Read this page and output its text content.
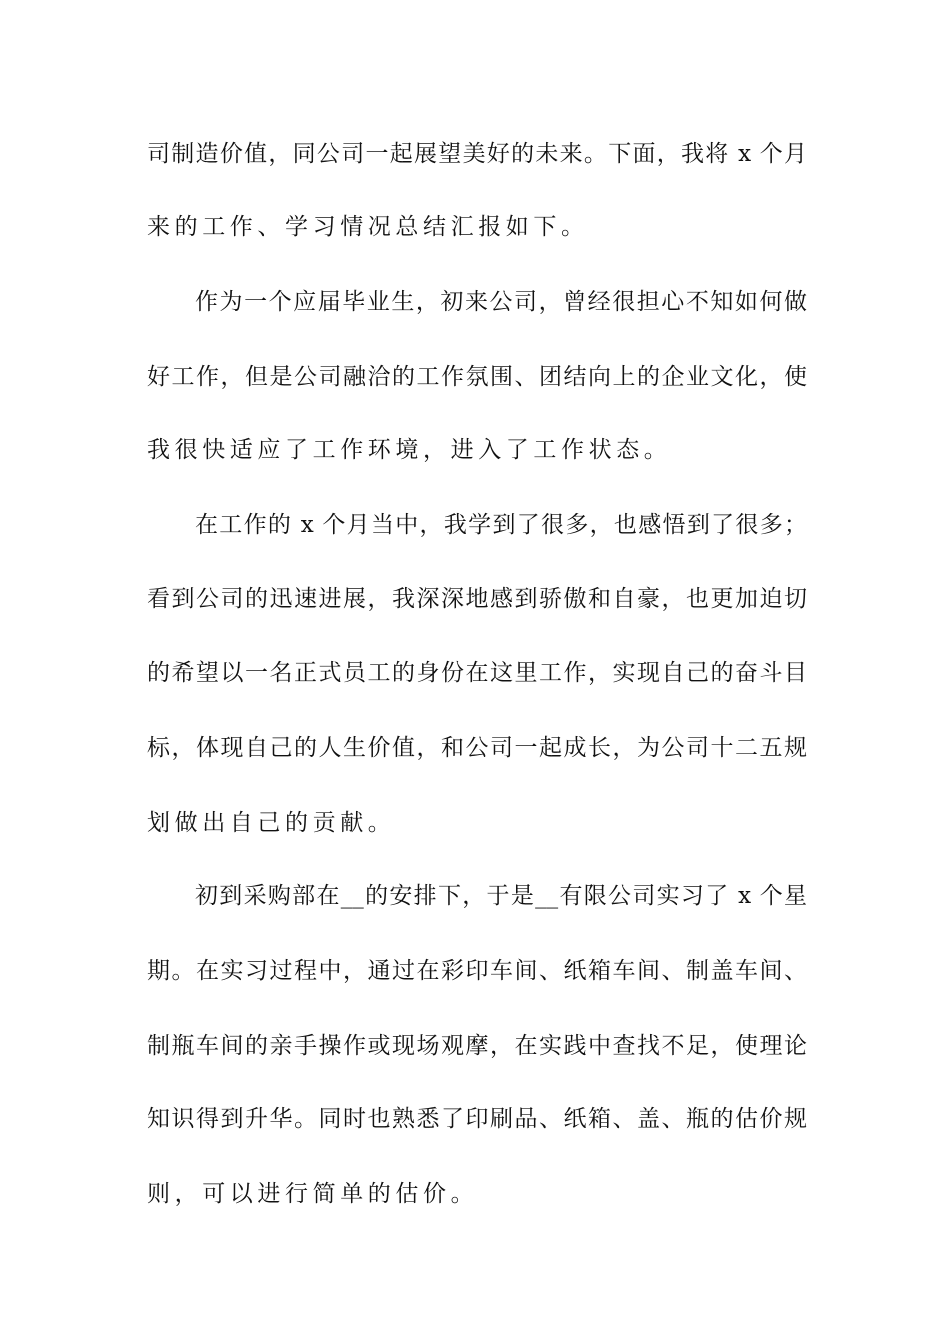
司制造价值，同公司一起展望美好的未来。下面，我将 x 个月
来的工作、学习情况总结汇报如下。
作为一个应届毕业生，初来公司，曾经很担心不知如何做
好工作，但是公司融洽的工作氛围、团结向上的企业文化，使
我很快适应了工作环境，进入了工作状态。
在工作的 x 个月当中，我学到了很多，也感悟到了很多；
看到公司的迅速进展，我深深地感到骄傲和自豪，也更加迫切
的希望以一名正式员工的身份在这里工作，实现自己的奋斗目
标，体现自己的人生价值，和公司一起成长，为公司十二五规
划做出自己的贡献。
初到采购部在__的安排下，于是__有限公司实习了 x 个星
期。在实习过程中，通过在彩印车间、纸箱车间、制盖车间、
制瓶车间的亲手操作或现场观摩，在实践中查找不足，使理论
知识得到升华。同时也熟悉了印刷品、纸箱、盖、瓶的估价规
则，可以进行简单的估价。
